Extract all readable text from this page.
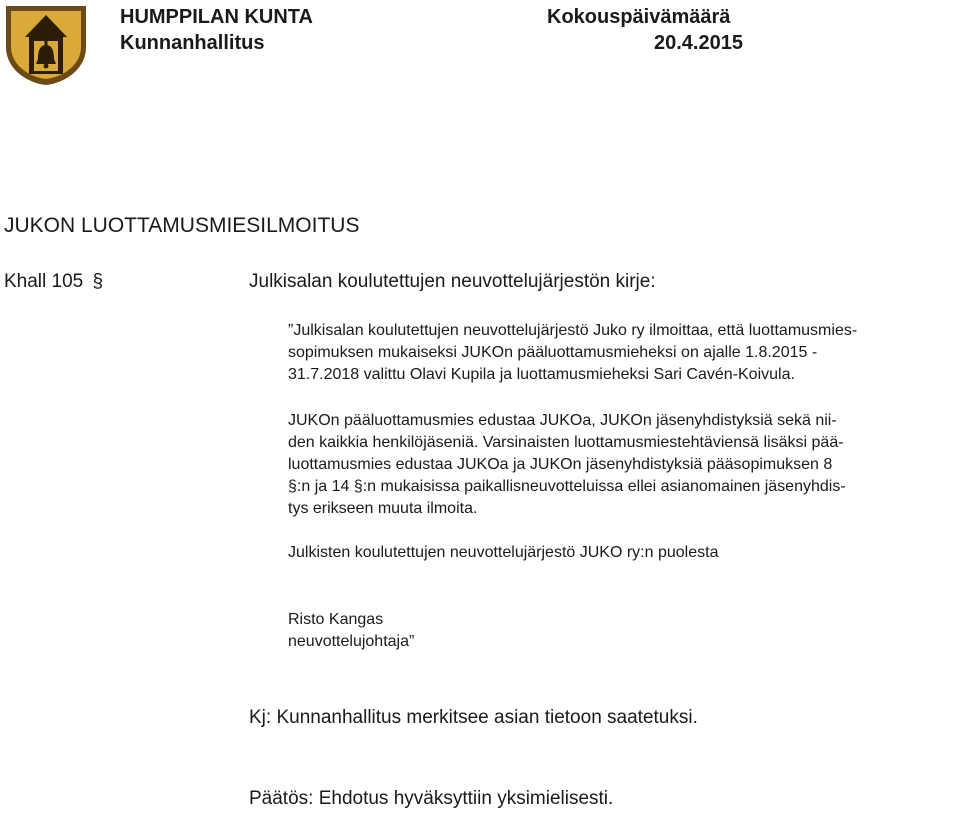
HUMPPILAN KUNTA	Kokouspäivämäärä
Kunnanhallitus	20.4.2015
JUKON LUOTTAMUSMIESILMOITUS
Khall 105 §	Julkisalan koulutettujen neuvottelujärjestön kirje:
”Julkisalan koulutettujen neuvottelujärjestö Juko ry ilmoittaa, että luottamusmies-
sopimuksen mukaiseksi JUKOn pääluottamusmieheksi on ajalle 1.8.2015 -
31.7.2018 valittu Olavi Kupila ja luottamusmieheksi Sari Cavén-Koivula.
JUKOn pääluottamusmies edustaa JUKOa, JUKOn jäsenyhdistyksiä sekä nii-
den kaikkia henkilöjäseniä. Varsinaisten luottamusmiestehtäviensä lisäksi pää-
luottamusmies edustaa JUKOa ja JUKOn jäsenyhdistyksiä pääsopimuksen 8
§:n ja 14 §:n mukaisissa paikallisneuvotteluissa ellei asianomainen jäsenyhdis-
tys erikseen muuta ilmoita.
Julkisten koulutettujen neuvottelujärjestö JUKO ry:n puolesta
Risto Kangas
neuvottelujohtaja”
Kj: Kunnanhallitus merkitsee asian tietoon saatetuksi.
Päätös: Ehdotus hyväksyttiin yksimielisesti.
